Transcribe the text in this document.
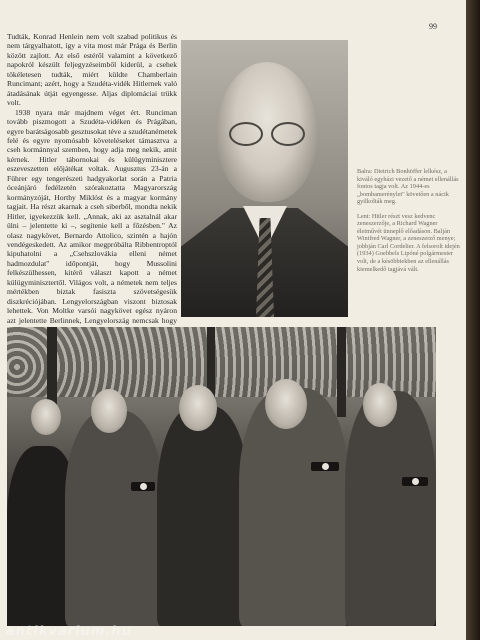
99

Tudták, Konrad Henlein nem volt szabad politikus és nem tárgyalhatott, így a vita most már Prága és Berlin között zajlott. Az első estéről valamint a következő napokról készült feljegyzéseimből kiderül, a csehek tökéletesen tudták, miért küldte Chamberlain Runcimant; azért, hogy a Szudéta-vidék Hitlernek való átadásának útját egyengesse. Aljas diplomáciai trükk volt.

1938 nyara már majdnem véget ért. Runciman tovább piszmogott a Szudéta-vidéken és Prágában, egyre barátságosabb gesztusokat téve a szudétanémetek felé és egyre nyomósabb követeléseket támasztva a cseh kormánnyal szemben, hogy adja meg nekik, amit kérnek. Hitler tábornokai és külügyminisztere eszeveszetten előjátékat voltak. Augusztus 23-án a Führer egy tengerészeti hadgyakorlat során a Patria óceánjáró fedélzetén szórakoztatta Magyarország kormányzóját, Horthy Miklóst és a magyar kormány tagjait. Ha részt akarnak a cseh siberből, mondta nekik Hitler, igyekezzük kell. „Annak, aki az asztalnál akar ülni – jelentette ki –, segítenie kell a főzésben." Az olasz nagykövet, Bernardo Attolico, szintén a hajón vendégeskedett. Az amikor megpróbálta Ribbentroptól kipuhatolni a „Csehszlovákia elleni német hadmozdulat" időpontját, hogy Mussolini felkészülhessen, kitérő választ kapott a német külügyminisztertől. Világos volt, a németek nem teljes mértékben biztak fasiszta szövetségesük diszkréciójában. Lengyelországban viszont biztosak lehettek. Von Moltke varsói nagykövet egész nyáron azt jelentette Berlinnek, Lengyelország nemcsak hogy

Balra: Dietrich Bonhöffer lelkész, a kiváló egyházi vezető a német ellenállás fontos tagja volt. Az 1944-es „bombamerénylet" követően a nácik gyilkolták meg.

Lent: Hitler részt vesz kedvenc zeneszerzője, a Richard Wagner életművét ünneplő előadáson. Balján Winifred Wagner, a zeneszerző menye; jobbján Carl Cordelier. A felsorolt idején (1934) Goebbels Lipóné polgármester volt, de a késöbbiekben az ellenállás kiemelkedő tagjává vált.

antikvarium.hu
